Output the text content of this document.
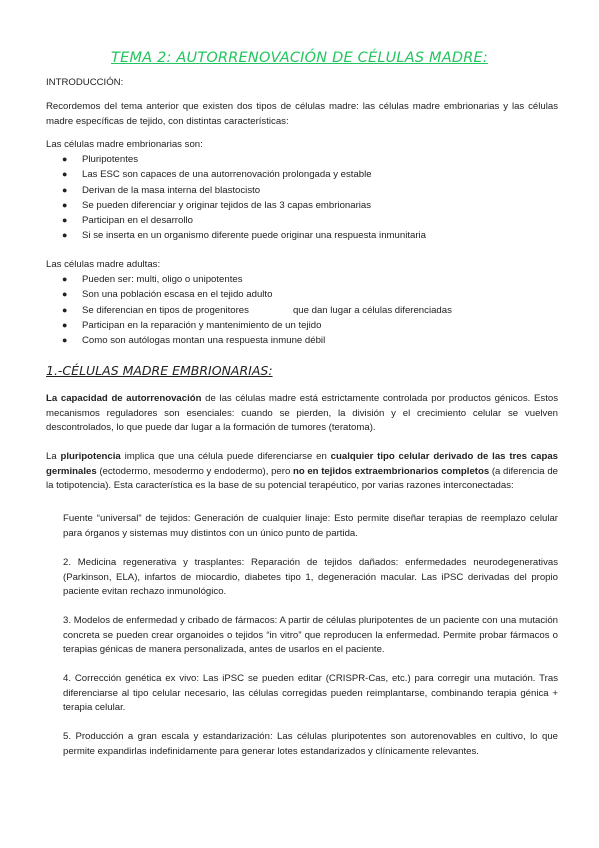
TEMA 2: AUTORRENOVACIÓN DE CÉLULAS MADRE:

INTRODUCCIÓN:

Recordemos del tema anterior que existen dos tipos de células madre: las células madre embrionarias y las células madre específicas de tejido, con distintas características:

Las células madre embrionarias son:

● Pluripotentes
● Las ESC son capaces de una autorrenovación prolongada y estable
● Derivan de la masa interna del blastocisto
● Se pueden diferenciar y originar tejidos de las 3 capas embrionarias
● Participan en el desarrollo
● Si se inserta en un organismo diferente puede originar una respuesta inmunitaria

Las células madre adultas:

● Pueden ser: multi, oligo o unipotentes
● Son una población escasa en el tejido adulto
● Se diferencian en tipos de progenitores	que dan lugar a células diferenciadas
● Participan en la reparación y mantenimiento de un tejido
● Como son autólogas montan una respuesta inmune débil
1.-CÉLULAS MADRE EMBRIONARIAS:

La capacidad de autorrenovación de las células madre está estrictamente controlada por productos génicos. Estos mecanismos reguladores son esenciales: cuando se pierden, la división y el crecimiento celular se vuelven descontrolados, lo que puede dar lugar a la formación de tumores (teratoma).

La pluripotencia implica que una célula puede diferenciarse en cualquier tipo celular derivado de las tres capas germinales (ectodermo, mesodermo y endodermo), pero no en tejidos extraembrionarios completos (a diferencia de la totipotencia). Esta característica es la base de su potencial terapéutico, por varias razones interconectadas:

Fuente “universal” de tejidos: Generación de cualquier linaje: Esto permite diseñar terapias de reemplazo celular para órganos y sistemas muy distintos con un único punto de partida.

2. Medicina regenerativa y trasplantes: Reparación de tejidos dañados: enfermedades neurodegenerativas (Parkinson, ELA), infartos de miocardio, diabetes tipo 1, degeneración macular. Las iPSC derivadas del propio paciente evitan rechazo inmunológico.

3. Modelos de enfermedad y cribado de fármacos: A partir de células pluripotentes de un paciente con una mutación concreta se pueden crear organoides o tejidos “in vitro” que reproducen la enfermedad. Permite probar fármacos o terapias génicas de manera personalizada, antes de usarlos en el paciente.

4. Corrección genética ex vivo: Las iPSC se pueden editar (CRISPR-Cas, etc.) para corregir una mutación. Tras diferenciarse al tipo celular necesario, las células corregidas pueden reimplantarse, combinando terapia génica + terapia celular.

5. Producción a gran escala y estandarización: Las células pluripotentes son autorenovables en cultivo, lo que permite expandirlas indefinidamente para generar lotes estandarizados y clínicamente relevantes.
